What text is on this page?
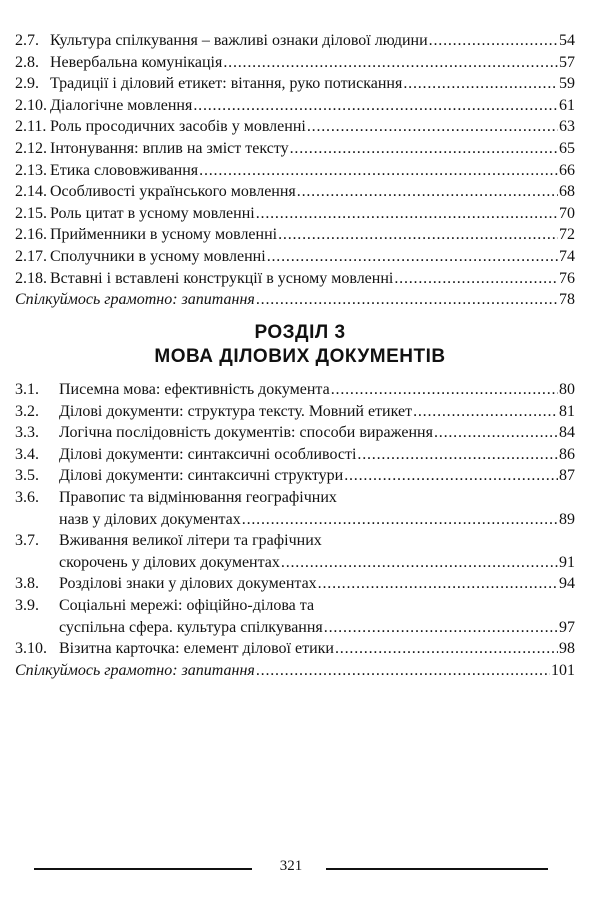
2.7. Культура спілкування – важливі ознаки ділової людини . . .	54
2.8. Невербальна комунікація . . .	57
2.9. Традиції і діловий етикет: вітання, руко потискання . . .	59
2.10. Діалогічне мовлення . . .	61
2.11. Роль просодичних засобів у мовленні . . .	63
2.12. Інтонування: вплив на зміст тексту . . .	65
2.13. Етика слововживання . . .	66
2.14. Особливості українського мовлення . . .	68
2.15. Роль цитат в усному мовленні . . .	70
2.16. Прийменники в усному мовленні . . .	72
2.17. Сполучники в усному мовленні . . .	74
2.18. Вставні і вставлені конструкції в усному мовленні . . .	76
Спілкуймось грамотно: запитання . . .	78
РОЗДІЛ 3
МОВА ДІЛОВИХ ДОКУМЕНТІВ
3.1. Писемна мова: ефективність документа . . .	80
3.2. Ділові документи: структура тексту. Мовний етикет . . .	81
3.3. Логічна послідовність документів: способи вираження . . .	84
3.4. Ділові документи: синтаксичні особливості . . .	86
3.5. Ділові документи: синтаксичні структури . . .	87
3.6. Правопис та відмінювання географічних
назв у ділових документах . . .	89
3.7. Вживання великої літери та графічних
скорочень у ділових документах . . .	91
3.8. Розділові знаки у ділових документах . . .	94
3.9. Соціальні мережі: офіційно-ділова та
суспільна сфера. культура спілкування . . .	97
3.10. Візитна карточка: елемент ділової етики . . .	98
Спілкуймось грамотно: запитання . . .	101
321
